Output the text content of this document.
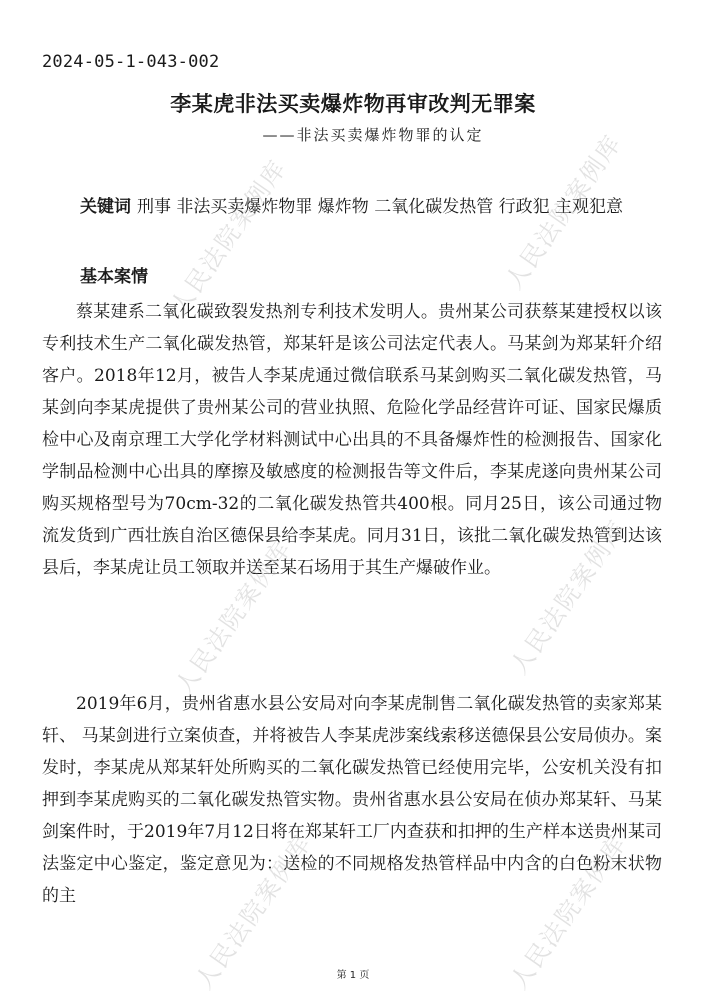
2024-05-1-043-002
李某虎非法买卖爆炸物再审改判无罪案
——非法买卖爆炸物罪的认定
关键词 刑事 非法买卖爆炸物罪 爆炸物 二氧化碳发热管 行政犯 主观犯意
基本案情

蔡某建系二氧化碳致裂发热剂专利技术发明人。贵州某公司获蔡某建授权以该专利技术生产二氧化碳发热管，郑某轩是该公司法定代表人。马某剑为郑某轩介绍客户。2018年12月，被告人李某虎通过微信联系马某剑购买二氧化碳发热管，马某剑向李某虎提供了贵州某公司的营业执照、危险化学品经营许可证、国家民爆质检中心及南京理工大学化学材料测试中心出具的不具备爆炸性的检测报告、国家化学制品检测中心出具的摩擦及敏感度的检测报告等文件后，李某虎遂向贵州某公司购买规格型号为70cm-32的二氧化碳发热管共400根。同月25日，该公司通过物流发货到广西壮族自治区德保县给李某虎。同月31日，该批二氧化碳发热管到达该县后，李某虎让员工领取并送至某石场用于其生产爆破作业。

2019年6月，贵州省惠水县公安局对向李某虎制售二氧化碳发热管的卖家郑某轩、 马某剑进行立案侦查，并将被告人李某虎涉案线索移送德保县公安局侦办。案发时，李某虎从郑某轩处所购买的二氧化碳发热管已经使用完毕，公安机关没有扣押到李某虎购买的二氧化碳发热管实物。贵州省惠水县公安局在侦办郑某轩、马某剑案件时，于2019年7月12日将在郑某轩工厂内查获和扣押的生产样本送贵州某司法鉴定中心鉴定，鉴定意见为：送检的不同规格发热管样品中内含的白色粉末状物的主

第 1 页
人民法院案例库	人民法院案例库
人民法院案例库	人民法院案例库
人民法院案例库	人民法院案例库
